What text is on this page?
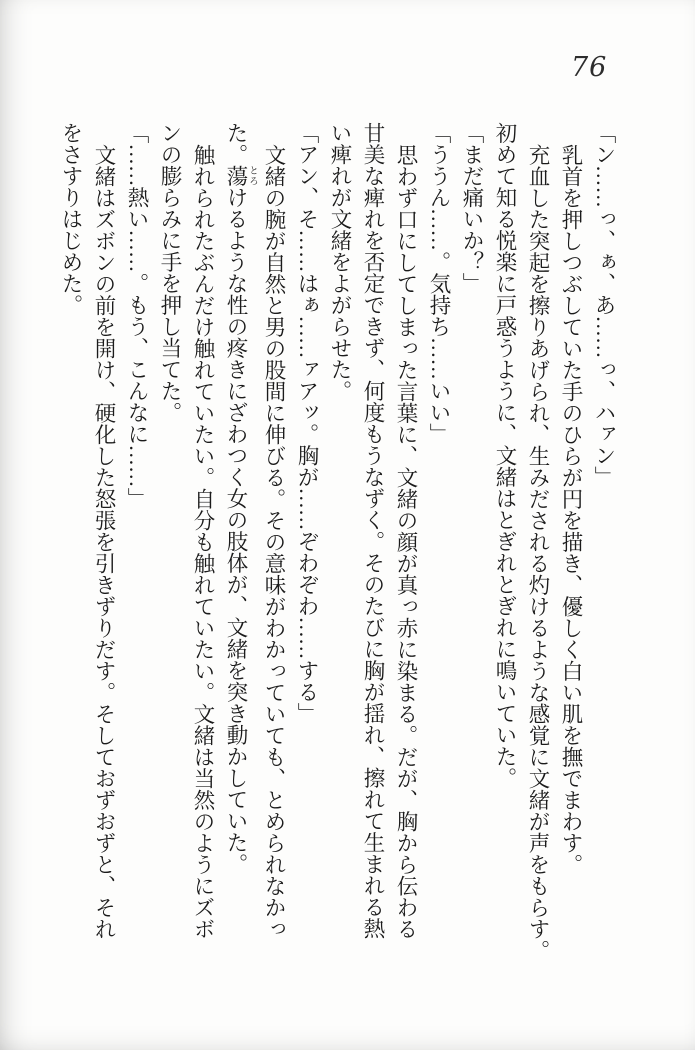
76
「ン……っ、ぁ、あ……っ、ハァン」
乳首を押しつぶしていた手のひらが円を描き、優しく白い肌を撫でまわす。
充血した突起を擦りあげられ、生みだされる灼けるような感覚に文緒が声をもらす。
初めて知る悦楽に戸惑うように、文緒はとぎれとぎれに鳴いていた。
「まだ痛いか？」
「ううん……。気持ち……いい」
思わず口にしてしまった言葉に、文緒の顔が真っ赤に染まる。だが、胸から伝わる
甘美な痺れを否定できず、何度もうなずく。そのたびに胸が揺れ、擦れて生まれる熱
い痺れが文緒をよがらせた。
「アン、そ……はぁ……ァアッ。胸が……ぞわぞわ……する」
文緒の腕が自然と男の股間に伸びる。その意味がわかっていても、とめられなかっ
た。蕩 とろけるような性の疼きにざわつく女の肢体が、文緒を突き動かしていた。
触れられたぶんだけ触れていたい。自分も触れていたい。文緒は当然のようにズボ
ンの膨らみに手を押し当てた。
「……熱い……。もう、こんなに……」
文緒はズボンの前を開け、硬化した怒張を引きずりだす。そしておずおずと、それ
をさすりはじめた。
